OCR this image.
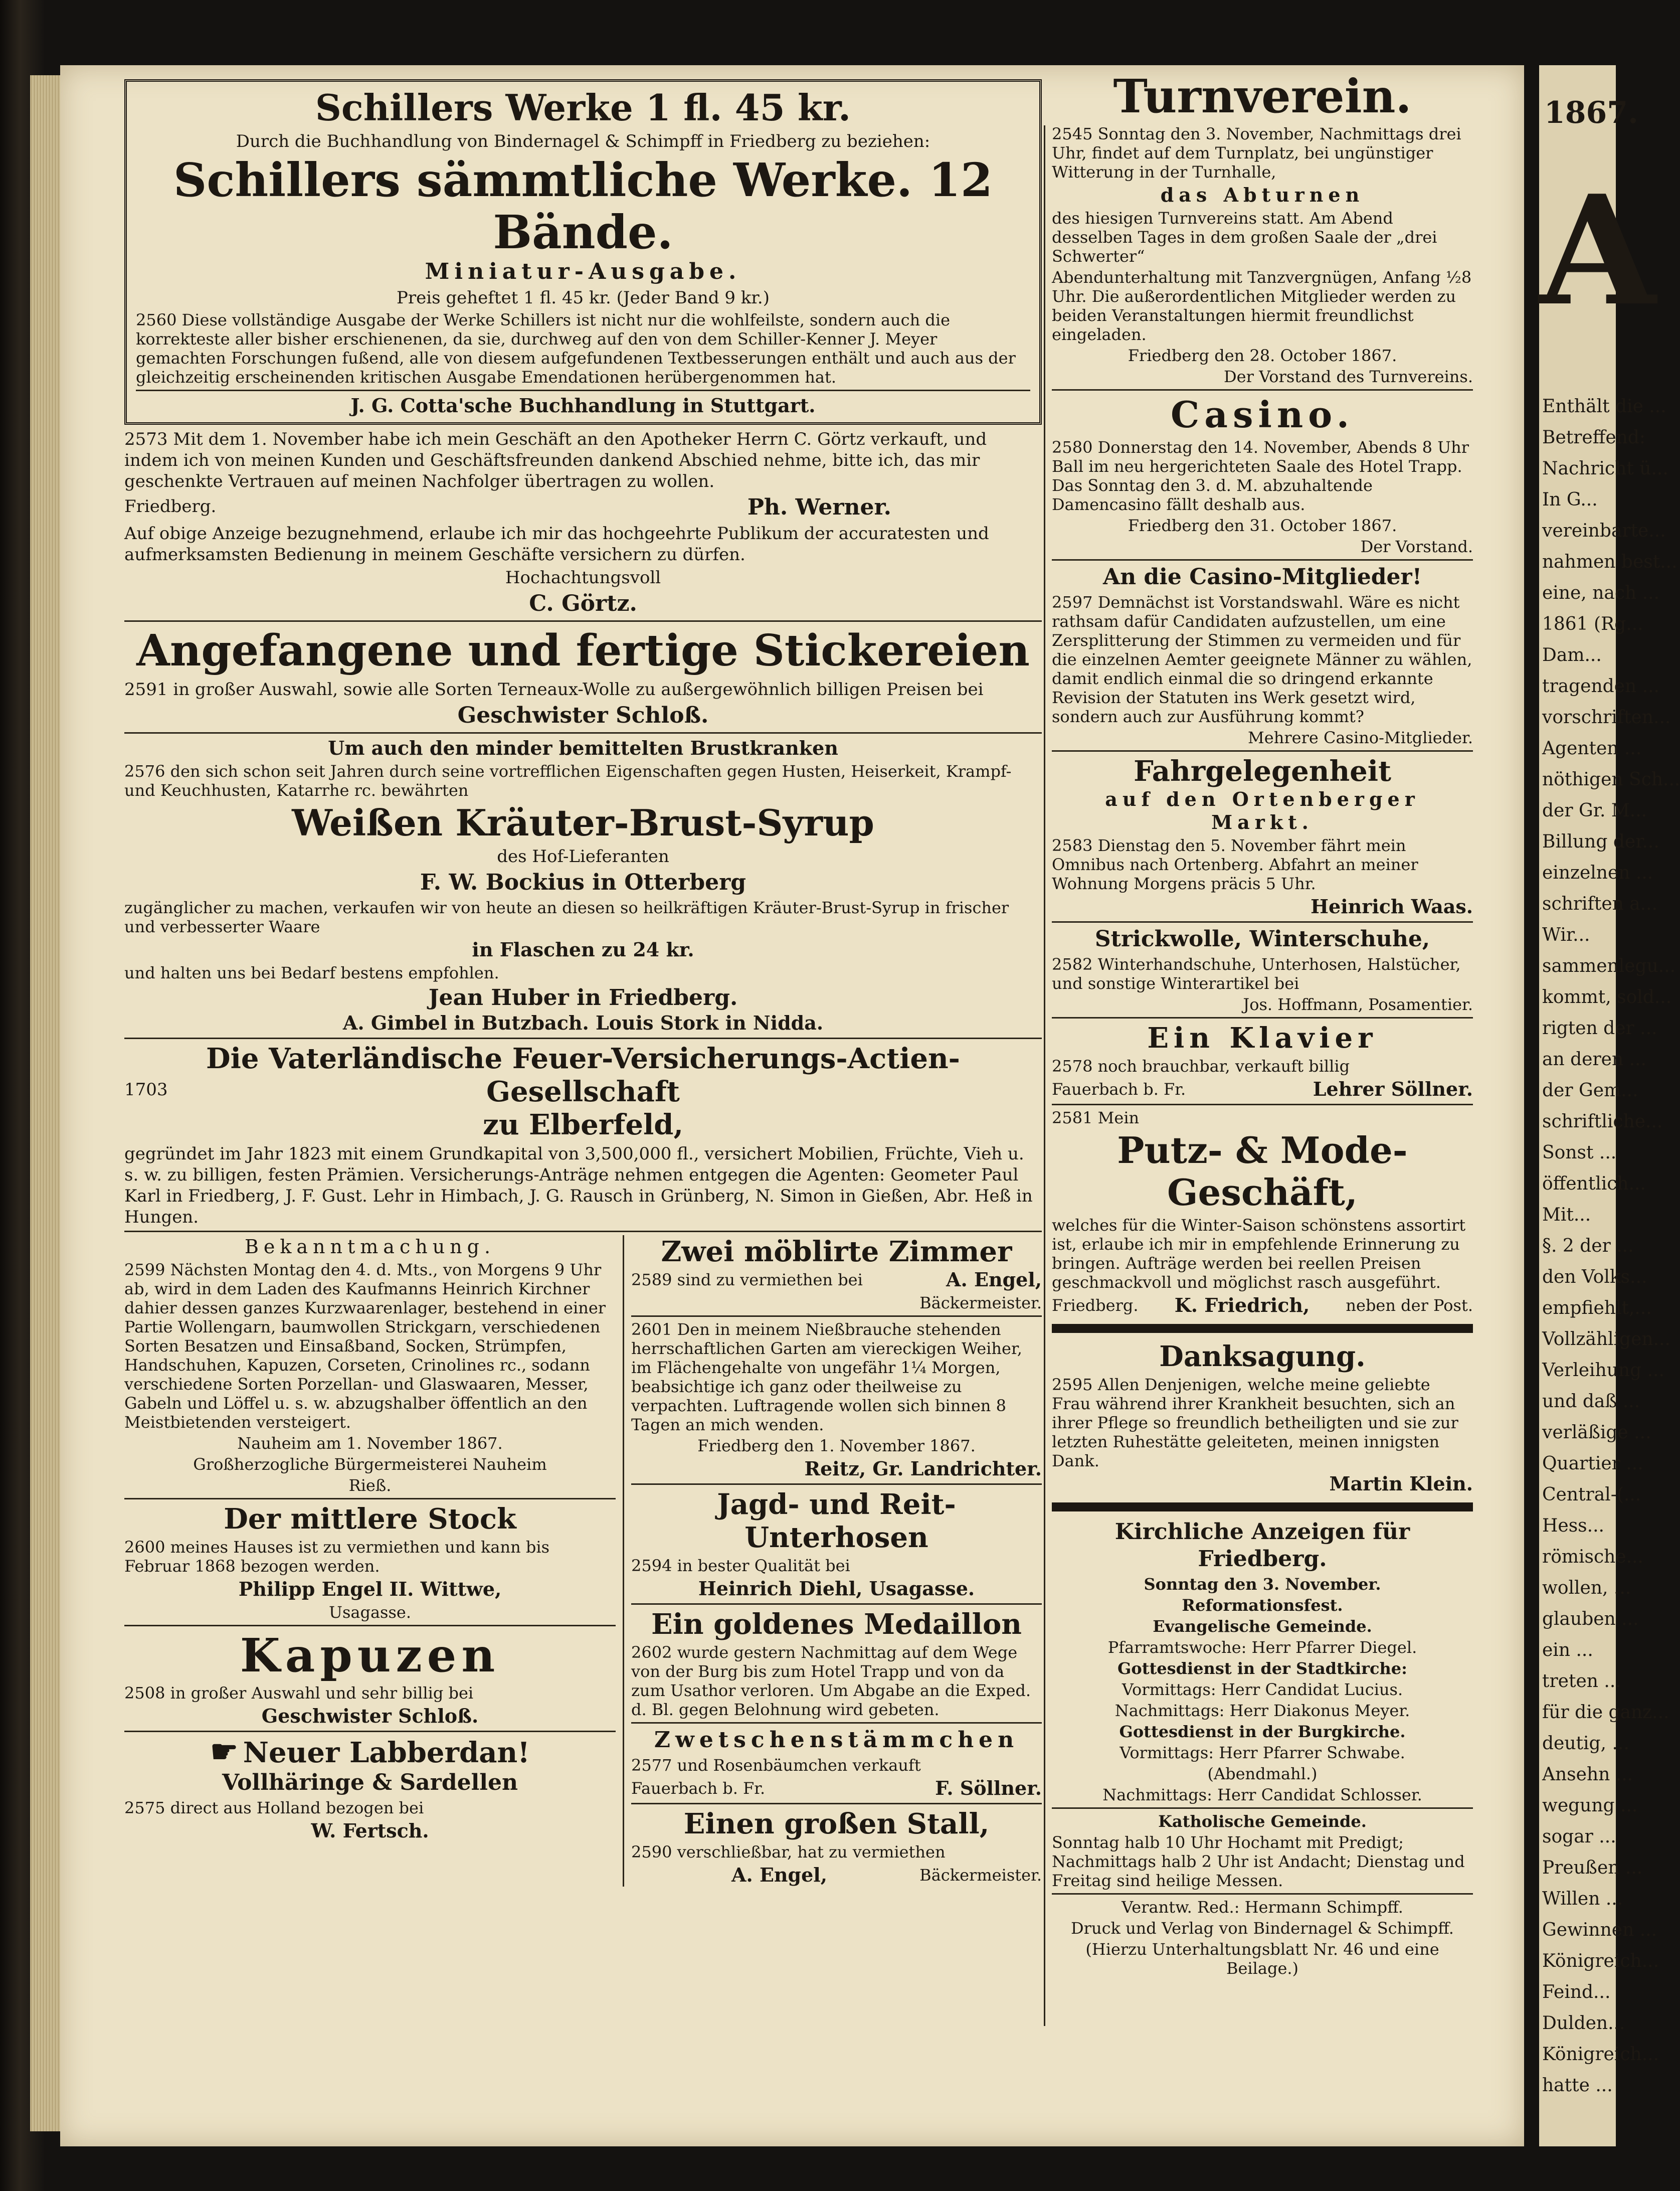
1867.
A
Enthält die ...
Betreffend:
Nachricht ü...
In G...
vereinbarte...
nahmen best...
eine, nach ...
1861 (Rg...
Dam...
tragenden ...
vorschriften...
Agenten ...
nöthigen Sch...
der Gr. M...
Billung der...
einzelnen ...
schriften a...
Wir...
sammenlegu...
kommt, sold...
rigten der ...
an deren ...
der Gem...
schriftliche...
Sonst ...
öffentlich...
Mit...
§. 2 der ...
den Volks...
empfiehlt,...
Vollzähligen...
Verleihung ...
und daß ...
verläßige ...
Quartier ...
Central-(...
Hess...
römische...
wollen, ...
glauben ...
ein ...
treten ...
für die ganz...
deutig, ...
Ansehn ...
wegung ...
sogar ...
Preußen ...
Willen ...
Gewinnen ...
Königreich...
Feind...
Dulden...
Königreich...
hatte ...

Schillers Werke 1 fl. 45 kr.

Durch die Buchhandlung von Bindernagel & Schimpff in Friedberg zu beziehen:

Schillers sämmtliche Werke. 12 Bände.

Miniatur-Ausgabe.

Preis geheftet 1 fl. 45 kr. (Jeder Band 9 kr.)

2560 Diese vollständige Ausgabe der Werke Schillers ist nicht nur die wohlfeilste, sondern auch die korrekteste aller bisher erschienenen, da sie, durchweg auf den von dem Schiller-Kenner J. Meyer gemachten Forschungen fußend, alle von diesem aufgefundenen Textbesserungen enthält und auch aus der gleichzeitig erscheinenden kritischen Ausgabe Emendationen herübergenommen hat.

J. G. Cotta'sche Buchhandlung in Stuttgart.

2573 Mit dem 1. November habe ich mein Geschäft an den Apotheker Herrn C. Görtz verkauft, und indem ich von meinen Kunden und Geschäftsfreunden dankend Abschied nehme, bitte ich, das mir geschenkte Vertrauen auf meinen Nachfolger übertragen zu wollen.

Friedberg.	Ph. Werner.

Auf obige Anzeige bezugnehmend, erlaube ich mir das hochgeehrte Publikum der accuratesten und aufmerksamsten Bedienung in meinem Geschäfte versichern zu dürfen.

Hochachtungsvoll

C. Görtz.

Angefangene und fertige Stickereien

2591 in großer Auswahl, sowie alle Sorten Terneaux-Wolle zu außergewöhnlich billigen Preisen bei

Geschwister Schloß.

Um auch den minder bemittelten Brustkranken

2576 den sich schon seit Jahren durch seine vortrefflichen Eigenschaften gegen Husten, Heiserkeit, Krampf- und Keuchhusten, Katarrhe rc. bewährten

Weißen Kräuter-Brust-Syrup

des Hof-Lieferanten

F. W. Bockius in Otterberg

zugänglicher zu machen, verkaufen wir von heute an diesen so heilkräftigen Kräuter-Brust-Syrup in frischer und verbesserter Waare

in Flaschen zu 24 kr.

und halten uns bei Bedarf bestens empfohlen.

Jean Huber in Friedberg.

A. Gimbel in Butzbach. Louis Stork in Nidda.

Die Vaterländische Feuer-Versicherungs-Actien-Gesellschaft

1703

zu Elberfeld,

gegründet im Jahr 1823 mit einem Grundkapital von 3,500,000 fl., versichert Mobilien, Früchte, Vieh u. s. w. zu billigen, festen Prämien. Versicherungs-Anträge nehmen entgegen die Agenten: Geometer Paul Karl in Friedberg, J. F. Gust. Lehr in Himbach, J. G. Rausch in Grünberg, N. Simon in Gießen, Abr. Heß in Hungen.

Bekanntmachung.

2599 Nächsten Montag den 4. d. Mts., von Morgens 9 Uhr ab, wird in dem Laden des Kaufmanns Heinrich Kirchner dahier dessen ganzes Kurzwaarenlager, bestehend in einer Partie Wollengarn, baumwollen Strickgarn, verschiedenen Sorten Besatzen und Einsaßband, Socken, Strümpfen, Handschuhen, Kapuzen, Corseten, Crinolines rc., sodann verschiedene Sorten Porzellan- und Glaswaaren, Messer, Gabeln und Löffel u. s. w. abzugshalber öffentlich an den Meistbietenden versteigert.

Nauheim am 1. November 1867.

Großherzogliche Bürgermeisterei Nauheim

Rieß.

Der mittlere Stock

2600 meines Hauses ist zu vermiethen und kann bis Februar 1868 bezogen werden.

Philipp Engel II. Wittwe,

Usagasse.

Kapuzen

2508 in großer Auswahl und sehr billig bei

Geschwister Schloß.

☛ Neuer Labberdan!

Vollhäringe & Sardellen

2575 direct aus Holland bezogen bei

W. Fertsch.

Zwei möblirte Zimmer

2589 sind zu vermiethen bei	A. Engel,

Bäckermeister.

2601 Den in meinem Nießbrauche stehenden herrschaftlichen Garten am viereckigen Weiher, im Flächengehalte von ungefähr 1¼ Morgen, beabsichtige ich ganz oder theilweise zu verpachten. Luftragende wollen sich binnen 8 Tagen an mich wenden.

Friedberg den 1. November 1867.

Reitz, Gr. Landrichter.

Jagd- und Reit-Unterhosen

2594 in bester Qualität bei

Heinrich Diehl, Usagasse.

Ein goldenes Medaillon

2602 wurde gestern Nachmittag auf dem Wege von der Burg bis zum Hotel Trapp und von da zum Usathor verloren. Um Abgabe an die Exped. d. Bl. gegen Belohnung wird gebeten.

Zwetschenstämmchen

2577 und Rosenbäumchen verkauft

Fauerbach b. Fr.	F. Söllner.

Einen großen Stall,

2590 verschließbar, hat zu vermiethen

A. Engel,	Bäckermeister.

Turnverein.

2545 Sonntag den 3. November, Nachmittags drei Uhr, findet auf dem Turnplatz, bei ungünstiger Witterung in der Turnhalle,

das Abturnen

des hiesigen Turnvereins statt. Am Abend desselben Tages in dem großen Saale der „drei Schwerter“

Abendunterhaltung mit Tanzvergnügen, Anfang ½8 Uhr. Die außerordentlichen Mitglieder werden zu beiden Veranstaltungen hiermit freundlichst eingeladen.

Friedberg den 28. October 1867.

Der Vorstand des Turnvereins.

Casino.

2580 Donnerstag den 14. November, Abends 8 Uhr Ball im neu hergerichteten Saale des Hotel Trapp. Das Sonntag den 3. d. M. abzuhaltende Damencasino fällt deshalb aus.

Friedberg den 31. October 1867.

Der Vorstand.

An die Casino-Mitglieder!

2597 Demnächst ist Vorstandswahl. Wäre es nicht rathsam dafür Candidaten aufzustellen, um eine Zersplitterung der Stimmen zu vermeiden und für die einzelnen Aemter geeignete Männer zu wählen, damit endlich einmal die so dringend erkannte Revision der Statuten ins Werk gesetzt wird, sondern auch zur Ausführung kommt?

Mehrere Casino-Mitglieder.

Fahrgelegenheit

auf den Ortenberger Markt.

2583 Dienstag den 5. November fährt mein Omnibus nach Ortenberg. Abfahrt an meiner Wohnung Morgens präcis 5 Uhr.

Heinrich Waas.

Strickwolle, Winterschuhe,

2582 Winterhandschuhe, Unterhosen, Halstücher, und sonstige Winterartikel bei

Jos. Hoffmann, Posamentier.

Ein Klavier

2578 noch brauchbar, verkauft billig

Fauerbach b. Fr.	Lehrer Söllner.

2581 Mein

Putz- & Mode-Geschäft,

welches für die Winter-Saison schönstens assortirt ist, erlaube ich mir in empfehlende Erinnerung zu bringen. Aufträge werden bei reellen Preisen geschmackvoll und möglichst rasch ausgeführt.

Friedberg. K. Friedrich, neben der Post.

Danksagung.

2595 Allen Denjenigen, welche meine geliebte Frau während ihrer Krankheit besuchten, sich an ihrer Pflege so freundlich betheiligten und sie zur letzten Ruhestätte geleiteten, meinen innigsten Dank.

Martin Klein.

Kirchliche Anzeigen für Friedberg.

Sonntag den 3. November.

Reformationsfest.

Evangelische Gemeinde.

Pfarramtswoche: Herr Pfarrer Diegel.

Gottesdienst in der Stadtkirche:

Vormittags: Herr Candidat Lucius.

Nachmittags: Herr Diakonus Meyer.

Gottesdienst in der Burgkirche.

Vormittags: Herr Pfarrer Schwabe.

(Abendmahl.)

Nachmittags: Herr Candidat Schlosser.

Katholische Gemeinde.

Sonntag halb 10 Uhr Hochamt mit Predigt; Nachmittags halb 2 Uhr ist Andacht; Dienstag und Freitag sind heilige Messen.

Verantw. Red.: Hermann Schimpff.

Druck und Verlag von Bindernagel & Schimpff.

(Hierzu Unterhaltungsblatt Nr. 46 und eine Beilage.)
